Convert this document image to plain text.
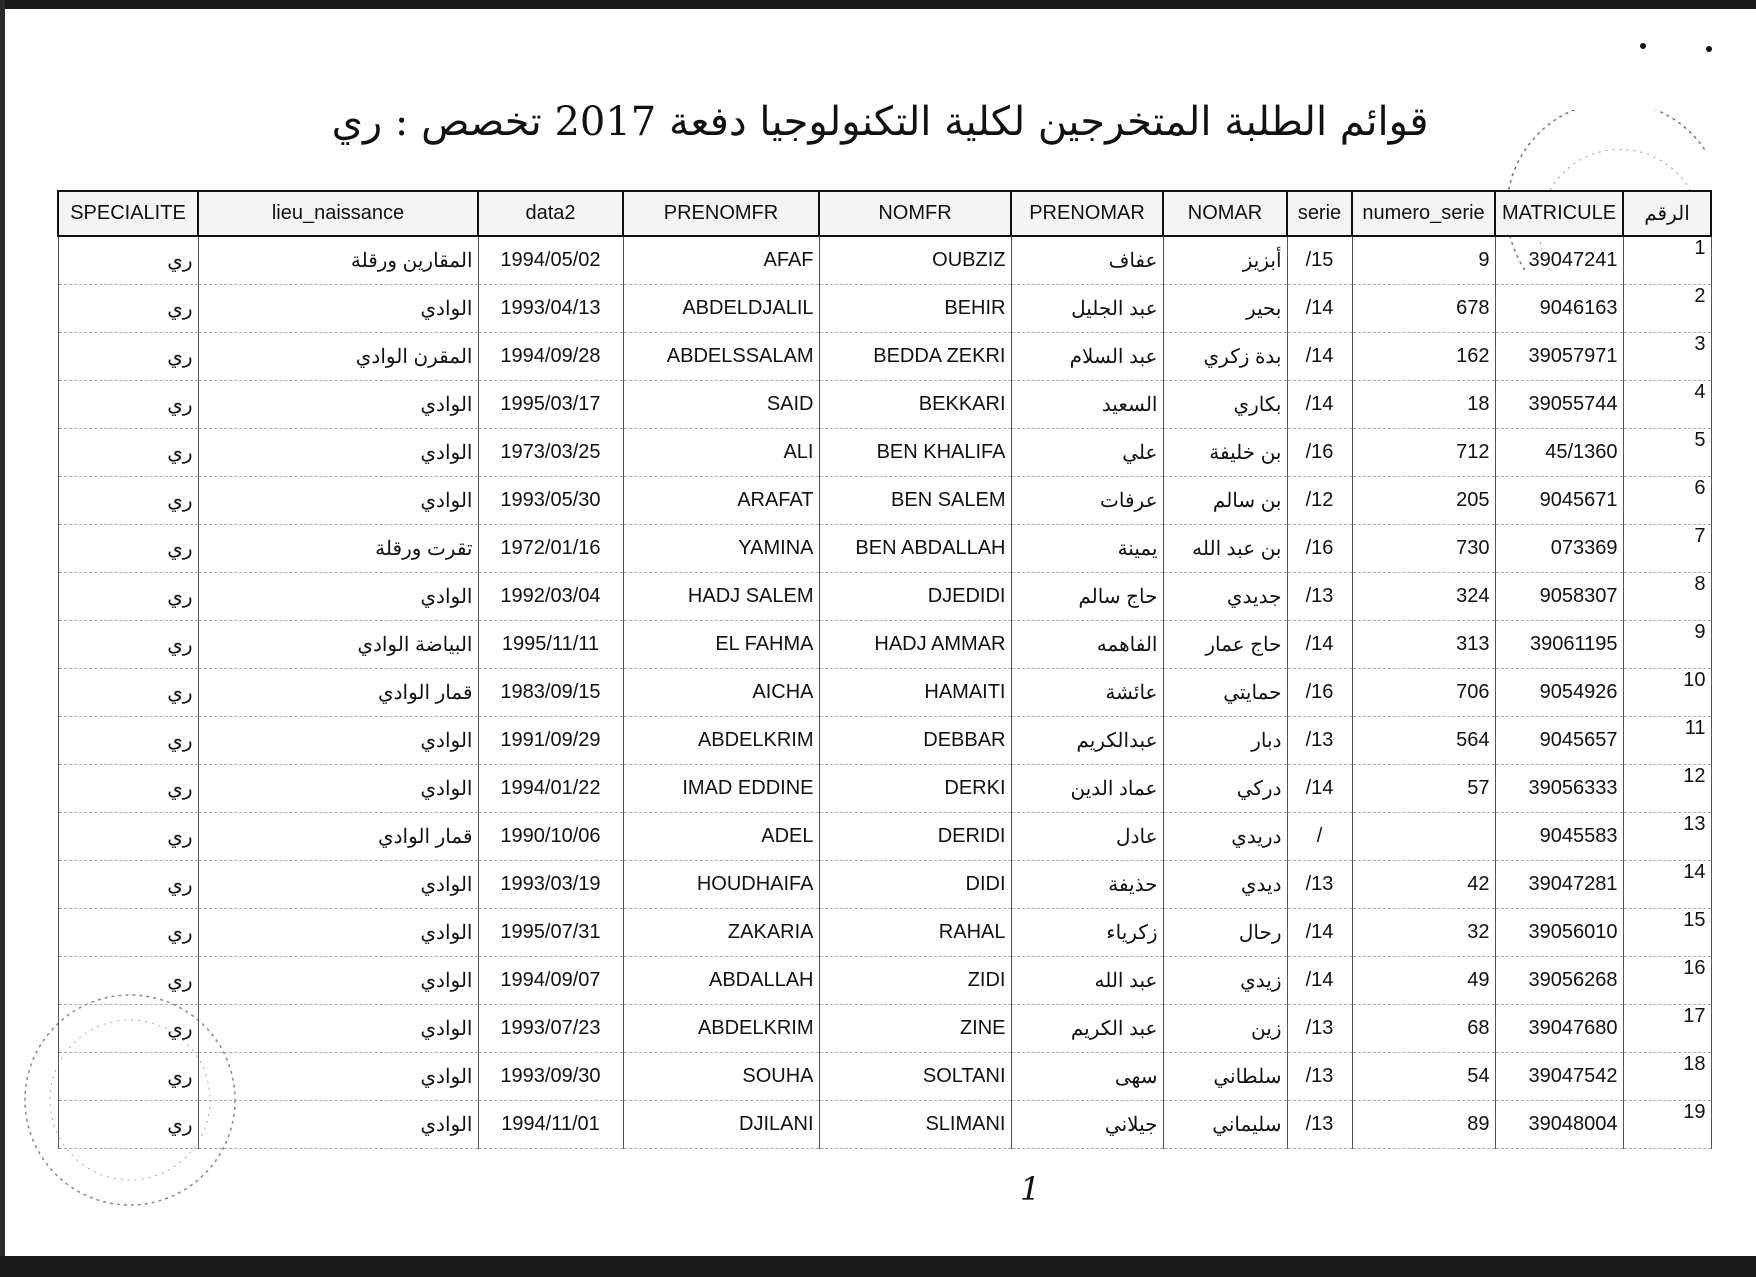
قوائم الطلبة المتخرجين لكلية التكنولوجيا دفعة 2017 تخصص : ري
SPECIALITE	lieu_naissance	data2	PRENOMFR	NOMFR	PRENOMAR	NOMAR	serie	numero_serie	MATRICULE	الرقم
ري	المقارين ورقلة	1994/05/02	AFAF	OUBZIZ	عفاف	أبزيز	/15	9	39047241	1
ري	الوادي	1993/04/13	ABDELDJALIL	BEHIR	عبد الجليل	بحير	/14	678	9046163	2
ري	المقرن الوادي	1994/09/28	ABDELSSALAM	BEDDA ZEKRI	عبد السلام	بدة زكري	/14	162	39057971	3
ري	الوادي	1995/03/17	SAID	BEKKARI	السعيد	بكاري	/14	18	39055744	4
ري	الوادي	1973/03/25	ALI	BEN KHALIFA	علي	بن خليفة	/16	712	45/1360	5
ري	الوادي	1993/05/30	ARAFAT	BEN SALEM	عرفات	بن سالم	/12	205	9045671	6
ري	تقرت ورقلة	1972/01/16	YAMINA	BEN ABDALLAH	يمينة	بن عبد الله	/16	730	073369	7
ري	الوادي	1992/03/04	HADJ SALEM	DJEDIDI	حاج سالم	جديدي	/13	324	9058307	8
ري	البياضة الوادي	1995/11/11	EL FAHMA	HADJ AMMAR	الفاهمه	حاج عمار	/14	313	39061195	9
ري	قمار الوادي	1983/09/15	AICHA	HAMAITI	عائشة	حمايتي	/16	706	9054926	10
ري	الوادي	1991/09/29	ABDELKRIM	DEBBAR	عبدالكريم	دبار	/13	564	9045657	11
ري	الوادي	1994/01/22	IMAD EDDINE	DERKI	عماد الدين	دركي	/14	57	39056333	12
ري	قمار الوادي	1990/10/06	ADEL	DERIDI	عادل	دريدي	/		9045583	13
ري	الوادي	1993/03/19	HOUDHAIFA	DIDI	حذيفة	ديدي	/13	42	39047281	14
ري	الوادي	1995/07/31	ZAKARIA	RAHAL	زكرياء	رحال	/14	32	39056010	15
ري	الوادي	1994/09/07	ABDALLAH	ZIDI	عبد الله	زيدي	/14	49	39056268	16
ري	الوادي	1993/07/23	ABDELKRIM	ZINE	عبد الكريم	زين	/13	68	39047680	17
ري	الوادي	1993/09/30	SOUHA	SOLTANI	سهى	سلطاني	/13	54	39047542	18
ري	الوادي	1994/11/01	DJILANI	SLIMANI	جيلاني	سليماني	/13	89	39048004	19
1
